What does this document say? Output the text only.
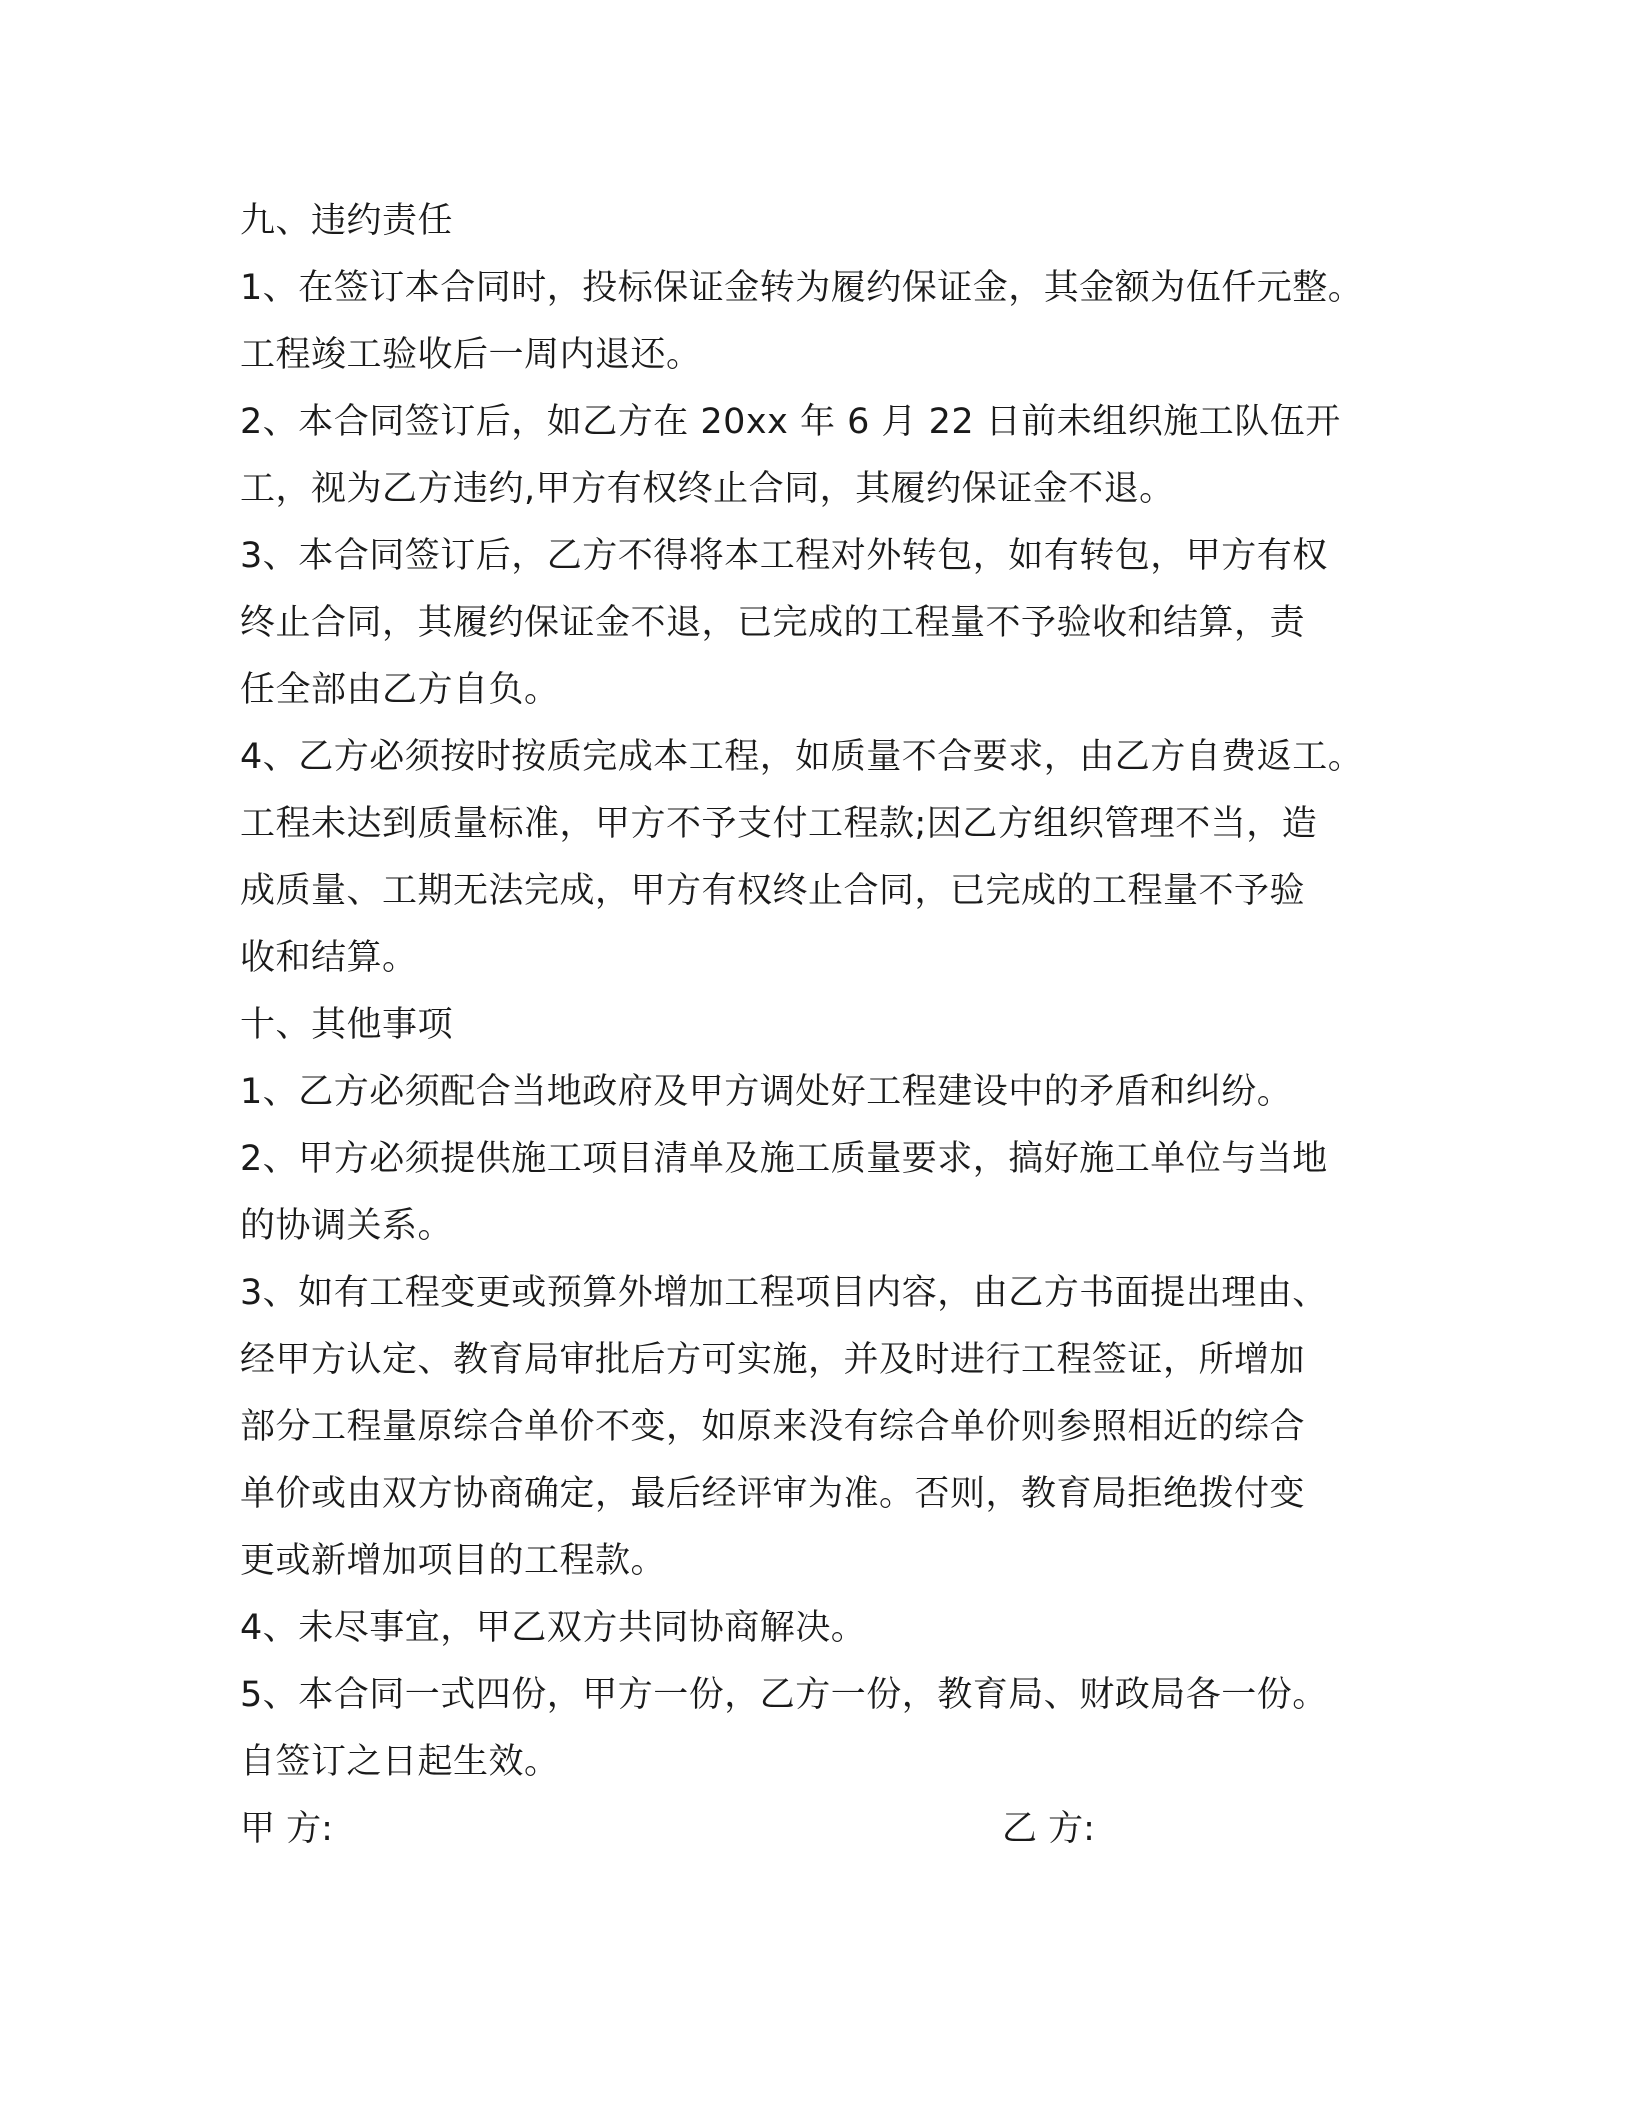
九、违约责任
1、在签订本合同时，投标保证金转为履约保证金，其金额为伍仟元整。
工程竣工验收后一周内退还。
2、本合同签订后，如乙方在 20xx 年 6 月 22 日前未组织施工队伍开
工，视为乙方违约,甲方有权终止合同，其履约保证金不退。
3、本合同签订后，乙方不得将本工程对外转包，如有转包，甲方有权
终止合同，其履约保证金不退，已完成的工程量不予验收和结算，责
任全部由乙方自负。
4、乙方必须按时按质完成本工程，如质量不合要求，由乙方自费返工。
工程未达到质量标准，甲方不予支付工程款;因乙方组织管理不当，造
成质量、工期无法完成，甲方有权终止合同，已完成的工程量不予验
收和结算。
十、其他事项
1、乙方必须配合当地政府及甲方调处好工程建设中的矛盾和纠纷。
2、甲方必须提供施工项目清单及施工质量要求，搞好施工单位与当地
的协调关系。
3、如有工程变更或预算外增加工程项目内容，由乙方书面提出理由、
经甲方认定、教育局审批后方可实施，并及时进行工程签证，所增加
部分工程量原综合单价不变，如原来没有综合单价则参照相近的综合
单价或由双方协商确定，最后经评审为准。否则，教育局拒绝拨付变
更或新增加项目的工程款。
4、未尽事宜，甲乙双方共同协商解决。
5、本合同一式四份，甲方一份，乙方一份，教育局、财政局各一份。
自签订之日起生效。
甲 方:	乙 方:
